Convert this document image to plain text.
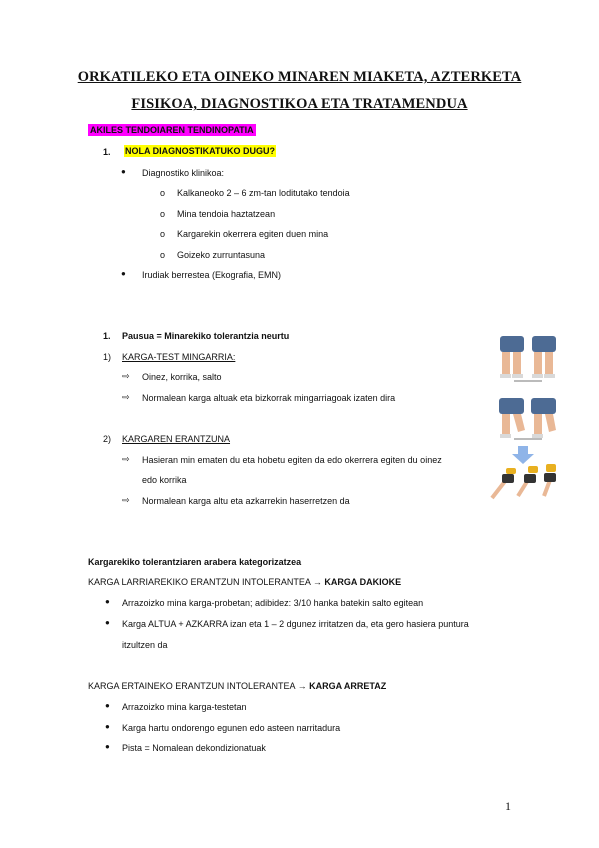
ORKATILEKO ETA OINEKO MINAREN MIAKETA, AZTERKETA
FISIKOA, DIAGNOSTIKOA ETA TRATAMENDUA
AKILES TENDOIAREN TENDINOPATIA
1. NOLA DIAGNOSTIKATUKO DUGU?
● Diagnostiko klinikoa:
o Kalkaneoko 2 – 6 zm-tan loditutako tendoia
o Mina tendoia haztatzean
o Kargarekin okerrera egiten duen mina
o Goizeko zurruntasuna
● Irudiak berrestea (Ekografia, EMN)
1. Pausua = Minarekiko tolerantzia neurtu
1) KARGA-TEST MINGARRIA:
⇨ Oinez, korrika, salto
⇨ Normalean karga altuak eta bizkorrak mingarriagoak izaten dira
2) KARGAREN ERANTZUNA
⇨ Hasieran min ematen du eta hobetu egiten da edo okerrera egiten du oinez
edo korrika
⇨ Normalean karga altu eta azkarrekin haserretzen da
Kargarekiko tolerantziaren arabera kategorizatzea
KARGA LARRIAREKIKO ERANTZUN INTOLERANTEA → KARGA DAKIOKE
● Arrazoizko mina karga-probetan; adibidez: 3/10 hanka batekin salto egitean
● Karga ALTUA + AZKARRA izan eta 1 – 2 dgunez irritatzen da, eta gero hasiera puntura
itzultzen da
KARGA ERTAINEKO ERANTZUN INTOLERANTEA → KARGA ARRETAZ
● Arrazoizko mina karga-testetan
● Karga hartu ondorengo egunen edo asteen narritadura
● Pista = Nomalean dekondizionatuak
1
